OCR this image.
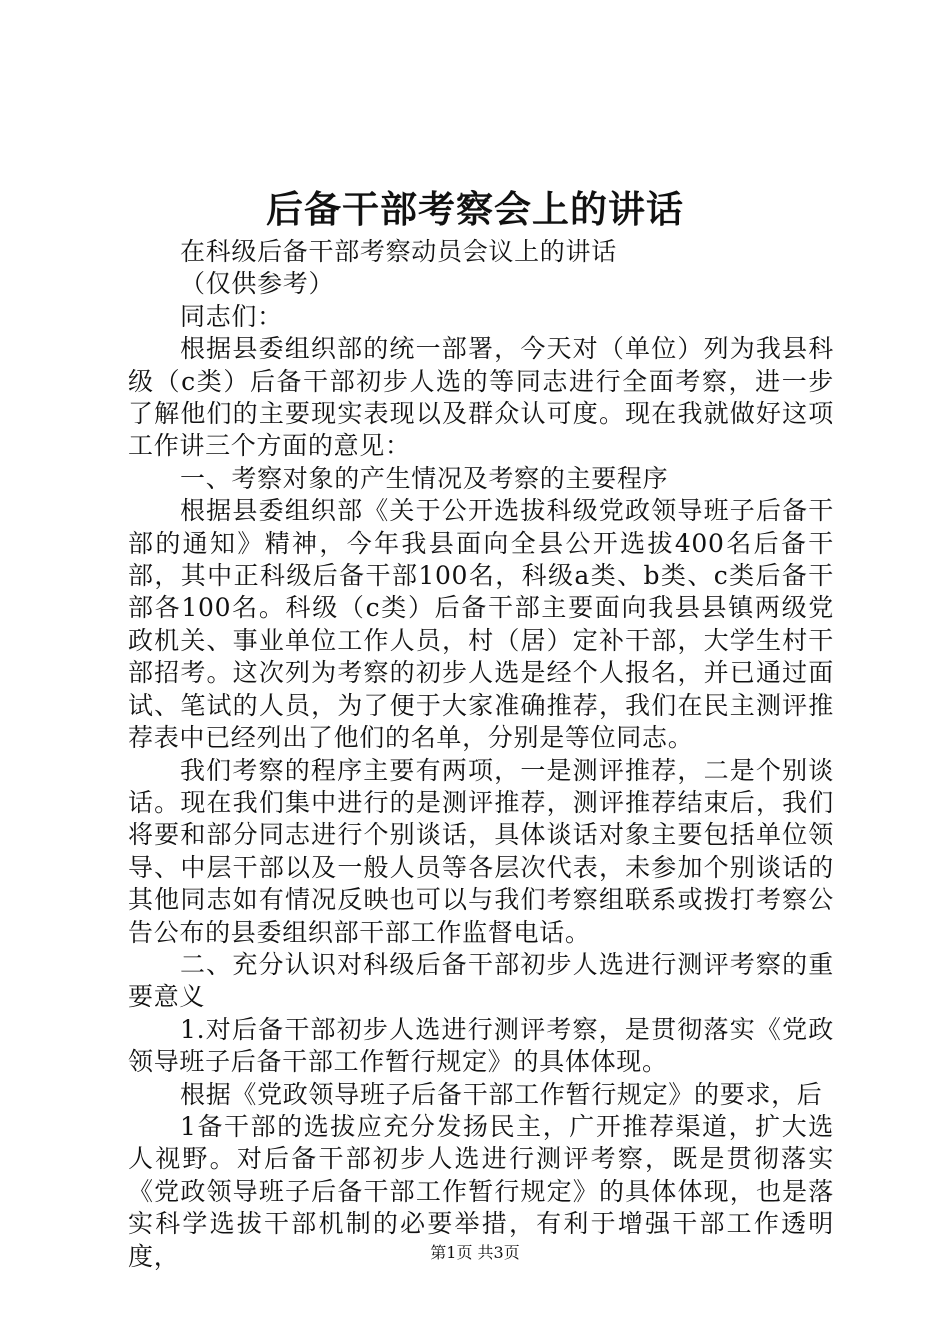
后备干部考察会上的讲话

在科级后备干部考察动员会议上的讲话

（仅供参考）

同志们：

根据县委组织部的统一部署，今天对（单位）列为我县科级（c类）后备干部初步人选的等同志进行全面考察，进一步了解他们的主要现实表现以及群众认可度。现在我就做好这项工作讲三个方面的意见：

一、考察对象的产生情况及考察的主要程序

根据县委组织部《关于公开选拔科级党政领导班子后备干部的通知》精神，今年我县面向全县公开选拔400名后备干部，其中正科级后备干部100名，科级a类、b类、c类后备干部各100名。科级（c类）后备干部主要面向我县县镇两级党政机关、事业单位工作人员，村（居）定补干部，大学生村干部招考。这次列为考察的初步人选是经个人报名，并已通过面试、笔试的人员，为了便于大家准确推荐，我们在民主测评推荐表中已经列出了他们的名单，分别是等位同志。

我们考察的程序主要有两项，一是测评推荐，二是个别谈话。现在我们集中进行的是测评推荐，测评推荐结束后，我们将要和部分同志进行个别谈话，具体谈话对象主要包括单位领导、中层干部以及一般人员等各层次代表，未参加个别谈话的其他同志如有情况反映也可以与我们考察组联系或拨打考察公告公布的县委组织部干部工作监督电话。

二、充分认识对科级后备干部初步人选进行测评考察的重要意义

1.对后备干部初步人选进行测评考察，是贯彻落实《党政领导班子后备干部工作暂行规定》的具体体现。

根据《党政领导班子后备干部工作暂行规定》的要求，后

1备干部的选拔应充分发扬民主，广开推荐渠道，扩大选人视野。对后备干部初步人选进行测评考察，既是贯彻落实《党政领导班子后备干部工作暂行规定》的具体体现，也是落实科学选拔干部机制的必要举措，有利于增强干部工作透明度，	第1页 共3页
